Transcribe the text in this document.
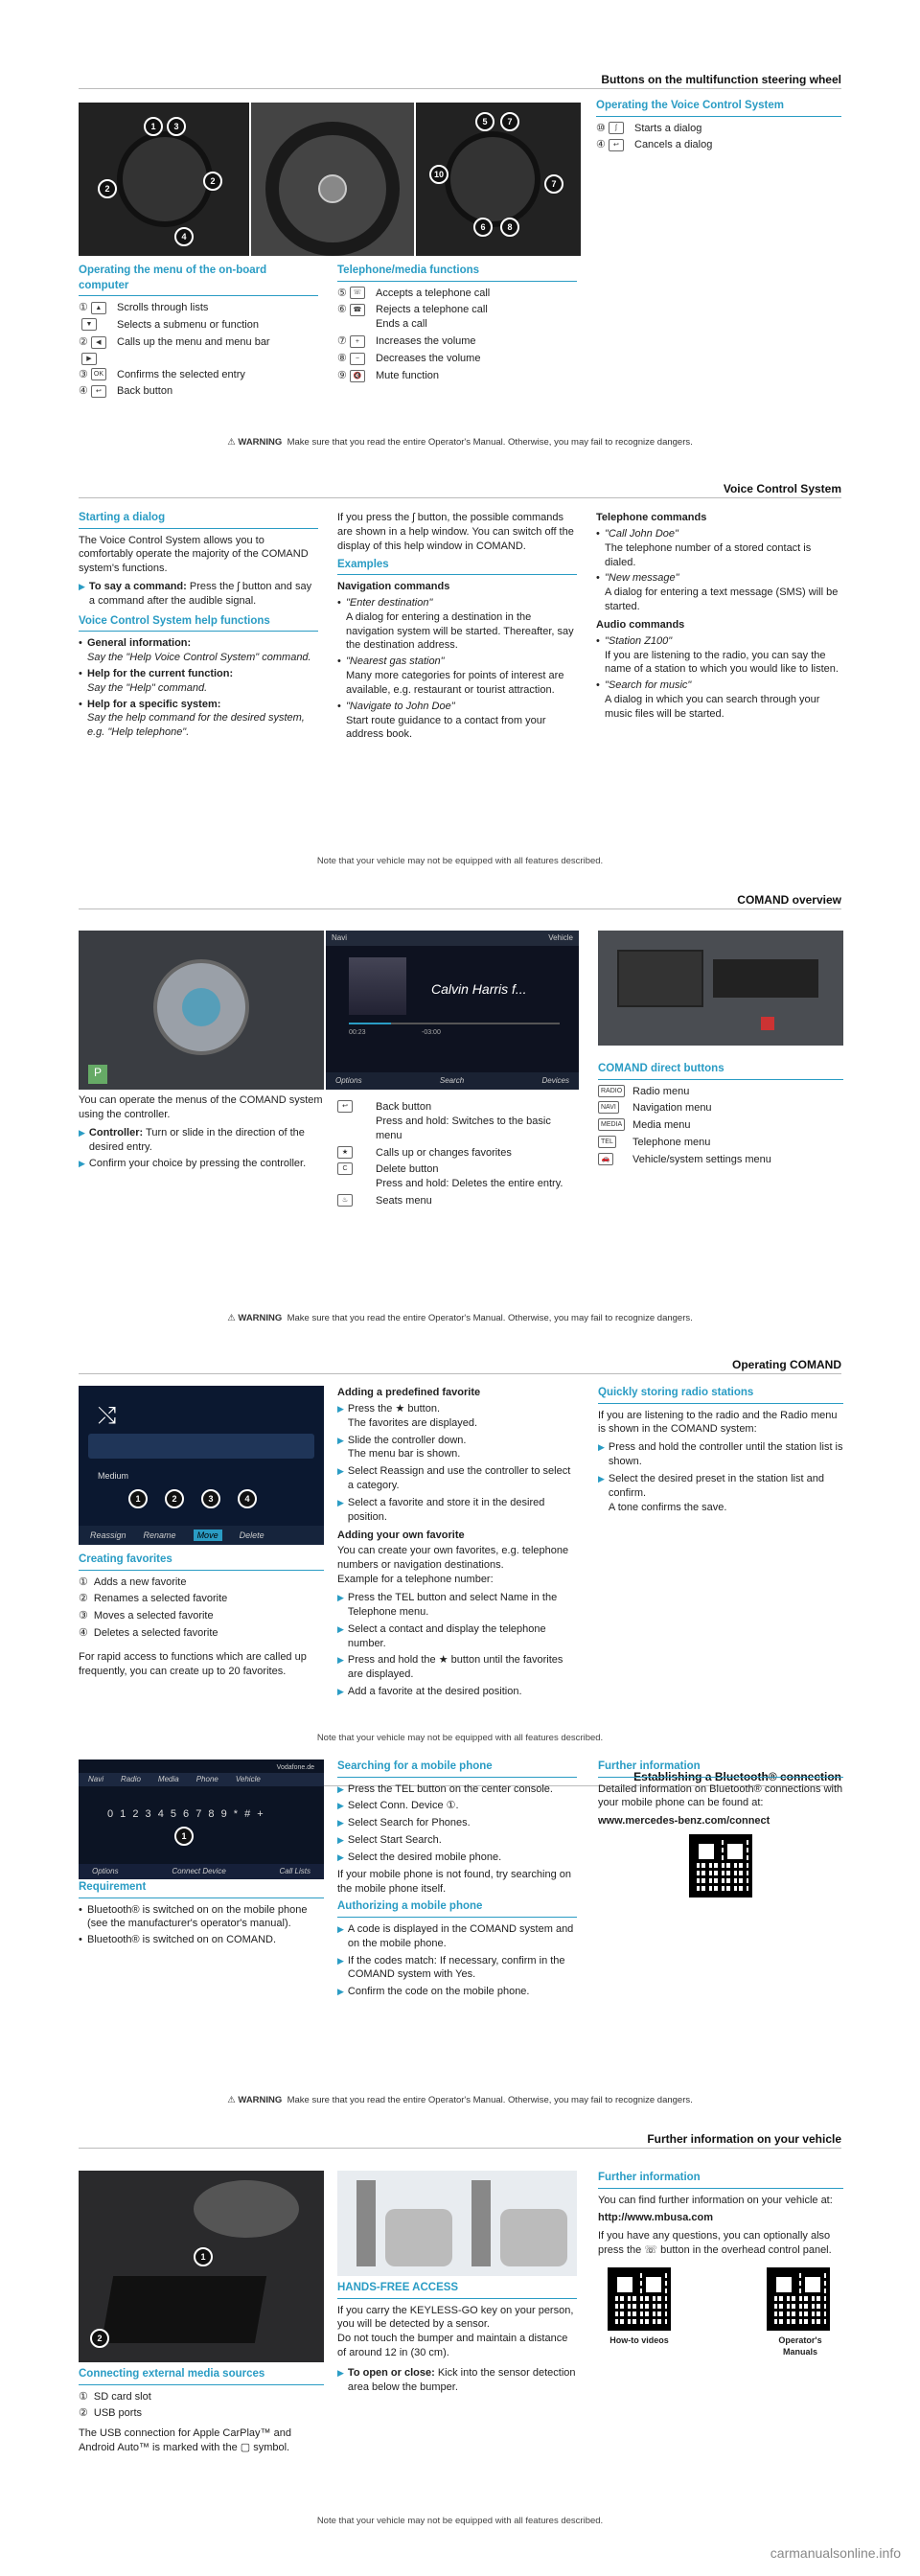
Buttons on the multifunction steering wheel
1	3
2
2
4
5	7
10
7
6	8
Operating the Voice Control System
⑩	ʃ	Starts a dialog
④	↩	Cancels a dialog
Operating the menu of the on-board computer
①	▲	Scrolls through lists
▼	Selects a submenu or function
②	◀	Calls up the menu and menu bar
▶
③ OK Confirms the selected entry
④	↩	Back button
Telephone/media functions
⑤ ☏	Accepts a telephone call
⑥ ☎	Rejects a telephone call
Ends a call
⑦	+	Increases the volume
⑧	−	Decreases the volume
⑨ 🔇	Mute function
⚠ WARNING Make sure that you read the entire Operator's Manual. Otherwise, you may fail to recognize dangers.
Voice Control System
Starting a dialog

The Voice Control System allows you to comfortably operate the majority of the COMAND system's functions.

▶ To say a command: Press the ʃ button and say a command after the audible signal.
Voice Control System help functions
• General information:
Say the "Help Voice Control System" command.
• Help for the current function:
Say the "Help" command.
• Help for a specific system:
Say the help command for the desired system, e.g. "Help telephone".

If you press the ʃ button, the possible commands are shown in a help window. You can switch off the display of this help window in COMAND.

Examples
Navigation commands
• "Enter destination"
A dialog for entering a destination in the navigation system will be started. Thereafter, say the destination address.
• "Nearest gas station"
Many more categories for points of interest are available, e.g. restaurant or tourist attraction.
• "Navigate to John Doe"
Start route guidance to a contact from your address book.
Telephone commands
• "Call John Doe"
The telephone number of a stored contact is dialed.
• "New message"
A dialog for entering a text message (SMS) will be started.
Audio commands
• "Station Z100"
If you are listening to the radio, you can say the name of a station to which you would like to listen.
• "Search for music"
A dialog in which you can search through your music files will be started.
Note that your vehicle may not be equipped with all features described.
COMAND overview
P
Navi	Vehicle
Calvin Harris f...
00:23	-03:00
Options	Search	Devices

You can operate the menus of the COMAND system using the controller.

▶ Controller: Turn or slide in the direction of the desired entry.
▶ Confirm your choice by pressing the controller.
↩	Back button
Press and hold: Switches to the basic menu
★	Calls up or changes favorites
C	Delete button
Press and hold: Deletes the entire entry.
♨	Seats menu
COMAND direct buttons
RADIO Radio menu
NAVI Navigation menu
MEDIA Media menu
TEL Telephone menu
🚗	Vehicle/system settings menu
⚠ WARNING Make sure that you read the entire Operator's Manual. Otherwise, you may fail to recognize dangers.
Operating COMAND
⤭
Medium
1	2	3	4
Reassign Rename	Move	Delete
Creating favorites
① Adds a new favorite
② Renames a selected favorite
③ Moves a selected favorite
④ Deletes a selected favorite

For rapid access to functions which are called up frequently, you can create up to 20 favorites.

Adding a predefined favorite
▶ Press the ★ button.
The favorites are displayed.
▶ Slide the controller down.
The menu bar is shown.
▶ Select Reassign and use the controller to select a category.
▶ Select a favorite and store it in the desired position.
Adding your own favorite

You can create your own favorites, e.g. telephone numbers or navigation destinations.
Example for a telephone number:

▶ Press the TEL button and select Name in the Telephone menu.
▶ Select a contact and display the telephone number.
▶ Press and hold the ★ button until the favorites are displayed.
▶ Add a favorite at the desired position.
Quickly storing radio stations

If you are listening to the radio and the Radio menu is shown in the COMAND system:

▶ Press and hold the controller until the station list is shown.
▶ Select the desired preset in the station list and confirm.
A tone confirms the save.
Note that your vehicle may not be equipped with all features described.
Establishing a Bluetooth® connection
Vodafone.de
Navi Radio Media Phone Vehicle
0 1 2 3 4 5 6 7 8 9 * # +
1
Options	Connect Device	Call Lists
Requirement
• Bluetooth® is switched on on the mobile phone (see the manufacturer's operator's manual).
• Bluetooth® is switched on on COMAND.
Searching for a mobile phone
▶ Press the TEL button on the center console.
▶ Select Conn. Device ①.
▶ Select Search for Phones.
▶ Select Start Search.
▶ Select the desired mobile phone.

If your mobile phone is not found, try searching on the mobile phone itself.

Authorizing a mobile phone
▶ A code is displayed in the COMAND system and on the mobile phone.
▶ If the codes match: If necessary, confirm in the COMAND system with Yes.
▶ Confirm the code on the mobile phone.
Further information

Detailed information on Bluetooth® connections with your mobile phone can be found at:

www.mercedes-benz.com/connect

⚠ WARNING Make sure that you read the entire Operator's Manual. Otherwise, you may fail to recognize dangers.
Further information on your vehicle
1
2
Connecting external media sources
① SD card slot
② USB ports

The USB connection for Apple CarPlay™ and Android Auto™ is marked with the ▢ symbol.

HANDS-FREE ACCESS

If you carry the KEYLESS-GO key on your person, you will be detected by a sensor.
Do not touch the bumper and maintain a distance of around 12 in (30 cm).

▶ To open or close: Kick into the sensor detection area below the bumper.
Further information

You can find further information on your vehicle at:

http://www.mbusa.com

If you have any questions, you can optionally also press the ☏ button in the overhead control panel.

How-to videos	Operator's Manuals
Note that your vehicle may not be equipped with all features described.
carmanualsonline.info
